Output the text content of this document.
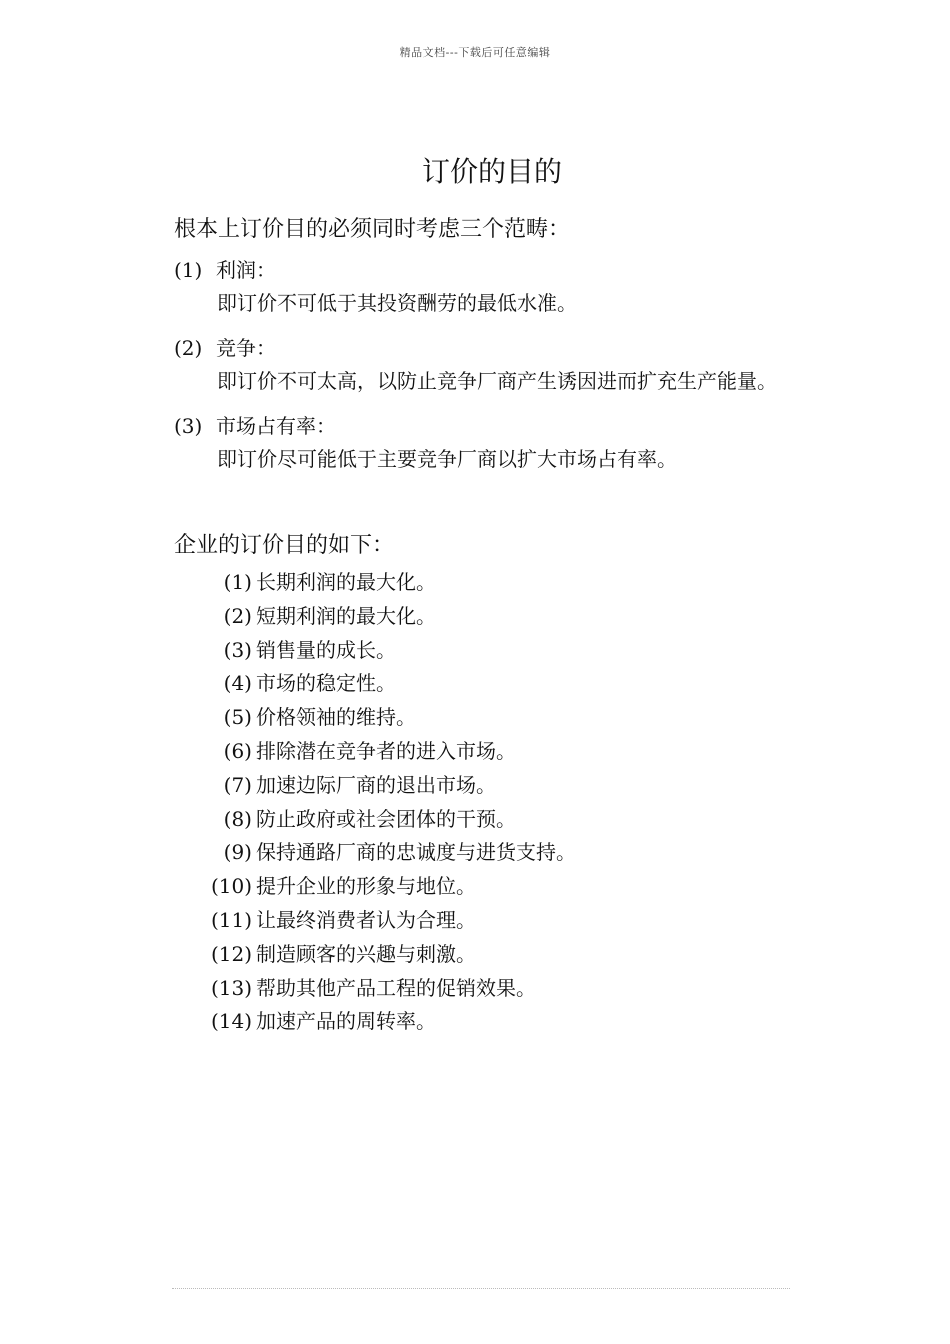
精品文档---下载后可任意编辑
订价的目的

根本上订价目的必须同时考虑三个范畴：

(1) 利润：
即订价不可低于其投资酬劳的最低水准。
(2) 竞争：
即订价不可太高，以防止竞争厂商产生诱因进而扩充生产能量。
(3) 市场占有率：
即订价尽可能低于主要竞争厂商以扩大市场占有率。
企业的订价目的如下：
(1) 长期利润的最大化。
(2) 短期利润的最大化。
(3) 销售量的成长。
(4) 市场的稳定性。
(5) 价格领袖的维持。
(6) 排除潜在竞争者的进入市场。
(7) 加速边际厂商的退出市场。
(8) 防止政府或社会团体的干预。
(9) 保持通路厂商的忠诚度与进货支持。
(10) 提升企业的形象与地位。
(11) 让最终消费者认为合理。
(12) 制造顾客的兴趣与刺激。
(13) 帮助其他产品工程的促销效果。
(14) 加速产品的周转率。
